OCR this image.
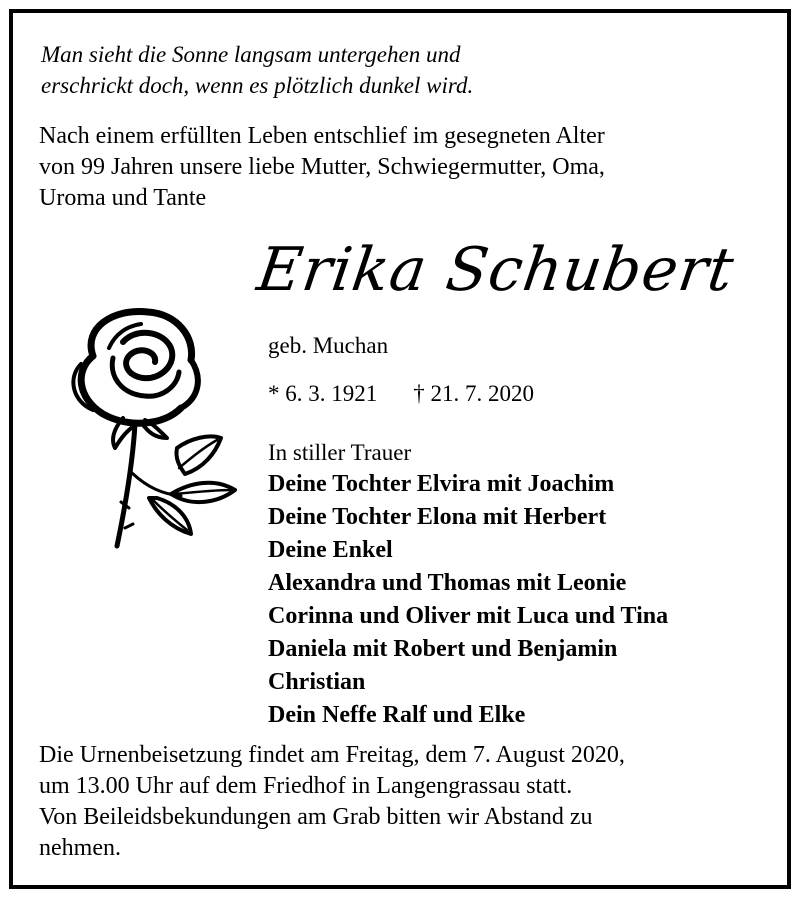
Man sieht die Sonne langsam untergehen und
erschrickt doch, wenn es plötzlich dunkel wird.
Nach einem erfüllten Leben entschlief im gesegneten Alter
von 99 Jahren unsere liebe Mutter, Schwiegermutter, Oma,
Uroma und Tante
Erika Schubert
geb. Muchan
* 6. 3. 1921 † 21. 7. 2020
In stiller Trauer
Deine Tochter Elvira mit Joachim
Deine Tochter Elona mit Herbert
Deine Enkel
Alexandra und Thomas mit Leonie
Corinna und Oliver mit Luca und Tina
Daniela mit Robert und Benjamin
Christian
Dein Neffe Ralf und Elke
Die Urnenbeisetzung findet am Freitag, dem 7. August 2020,
um 13.00 Uhr auf dem Friedhof in Langengrassau statt.
Von Beileidsbekundungen am Grab bitten wir Abstand zu
nehmen.
